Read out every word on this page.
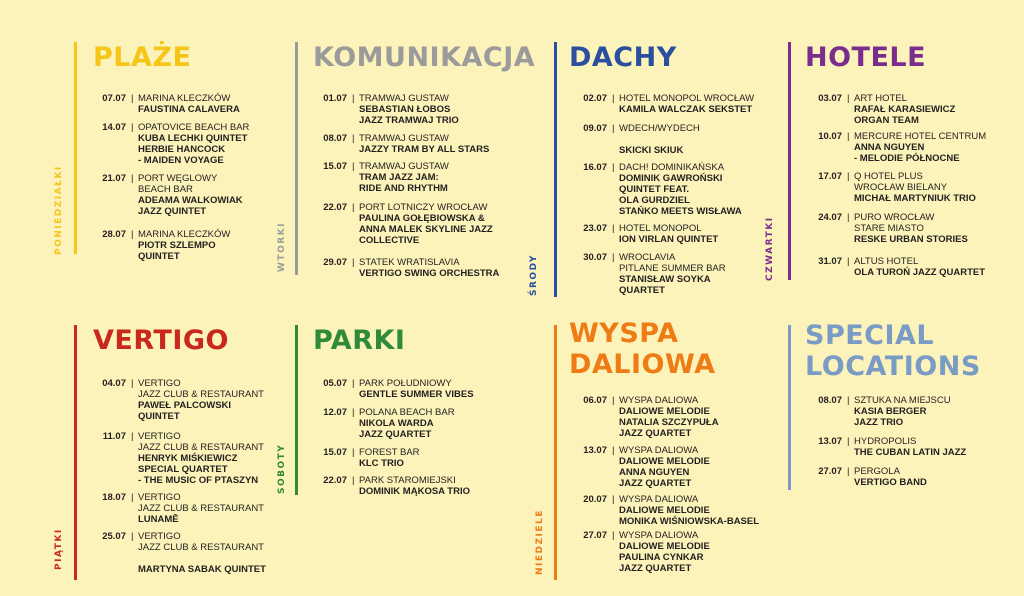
PLAŻE
PONIEDZIAŁKI
07.07 | MARINA KLECZKÓW
FAUSTINA CALAVERA
14.07 | OPATOVICE BEACH BAR
KUBA LECHKI QUINTET
HERBIE HANCOCK
- MAIDEN VOYAGE
21.07 | PORT WĘGLOWY
BEACH BAR
ADEAMA WALKOWIAK
JAZZ QUINTET
28.07 | MARINA KLECZKÓW
PIOTR SZLEMPO
QUINTET
KOMUNIKACJA
WTORKI
01.07 | TRAMWAJ GUSTAW
SEBASTIAN ŁOBOS
JAZZ TRAMWAJ TRIO
08.07 | TRAMWAJ GUSTAW
JAZZY TRAM BY ALL STARS
15.07 | TRAMWAJ GUSTAW
TRAM JAZZ JAM:
RIDE AND RHYTHM
22.07 | PORT LOTNICZY WROCŁAW
PAULINA GOŁĘBIOWSKA &
ANNA MALEK SKYLINE JAZZ
COLLECTIVE
29.07 | STATEK WRATISLAVIA
VERTIGO SWING ORCHESTRA
DACHY
ŚRODY
02.07 | HOTEL MONOPOL WROCŁAW
KAMILA WALCZAK SEKSTET
09.07 | WDECH/WYDECH

SKICKI SKIUK
16.07 | DACH! DOMINIKAŃSKA
DOMINIK GAWROŃSKI
QUINTET FEAT.
OLA GURDZIEL
STAŃKO MEETS WISŁAWA
23.07 | HOTEL MONOPOL
ION VIRLAN QUINTET
30.07 | WROCLAVIA
PITLANE SUMMER BAR
STANISŁAW SOYKA
QUARTET
HOTELE
CZWARTKI
03.07 | ART HOTEL
RAFAŁ KARASIEWICZ
ORGAN TEAM
10.07 | MERCURE HOTEL CENTRUM
ANNA NGUYEN
- MELODIE PÓŁNOCNE
17.07 | Q HOTEL PLUS
WROCŁAW BIELANY
MICHAŁ MARTYNIUK TRIO
24.07 | PURO WROCŁAW
STARE MIASTO
RESKE URBAN STORIES
31.07 | ALTUS HOTEL
OLA TUROŃ JAZZ QUARTET
VERTIGO
PIĄTKI
04.07 | VERTIGO
JAZZ CLUB & RESTAURANT
PAWEŁ PALCOWSKI
QUINTET
11.07 | VERTIGO
JAZZ CLUB & RESTAURANT
HENRYK MIŚKIEWICZ
SPECIAL QUARTET
- THE MUSIC OF PTASZYN
18.07 | VERTIGO
JAZZ CLUB & RESTAURANT
LUNAMĒ
25.07 | VERTIGO
JAZZ CLUB & RESTAURANT

MARTYNA SABAK QUINTET
PARKI
SOBOTY
05.07 | PARK POŁUDNIOWY
GENTLE SUMMER VIBES
12.07 | POLANA BEACH BAR
NIKOLA WARDA
JAZZ QUARTET
15.07 | FOREST BAR
KLC TRIO
22.07 | PARK STAROMIEJSKI
DOMINIK MĄKOSA TRIO
WYSPA
DALIOWA
NIEDZIELE
06.07 | WYSPA DALIOWA
DALIOWE MELODIE
NATALIA SZCZYPUŁA
JAZZ QUARTET
13.07 | WYSPA DALIOWA
DALIOWE MELODIE
ANNA NGUYEN
JAZZ QUARTET
20.07 | WYSPA DALIOWA
DALIOWE MELODIE
MONIKA WIŚNIOWSKA-BASEL
27.07 | WYSPA DALIOWA
DALIOWE MELODIE
PAULINA CYNKAR
JAZZ QUARTET
SPECIAL
LOCATIONS
08.07 | SZTUKA NA MIEJSCU
KASIA BERGER
JAZZ TRIO
13.07 | HYDROPOLIS
THE CUBAN LATIN JAZZ
27.07 | PERGOLA
VERTIGO BAND
